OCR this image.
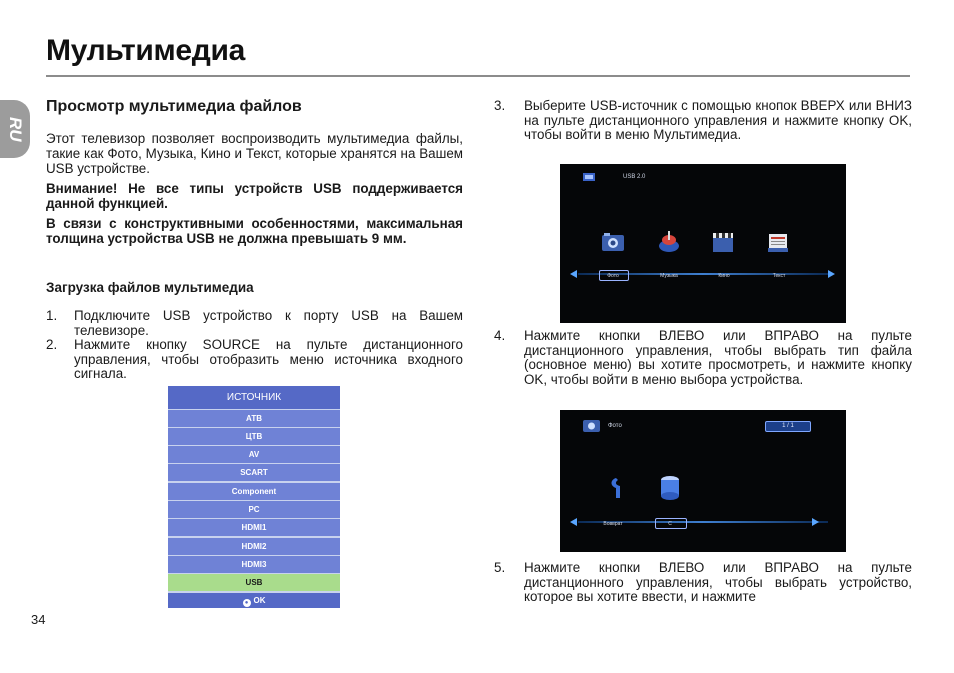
Мультимедиа
RU
Просмотр мультимедиа файлов
Этот телевизор позволяет воспроизводить мультимедиа файлы, такие как Фото, Музыка, Кино и Текст, которые хранятся на Вашем USB устройстве.
Внимание! Не все типы устройств USB поддерживается данной функцией.
В связи с конструктивными особенностями, максимальная толщина устройства USB не должна превышать 9 мм.
Загрузка файлов мультимедиа
1. Подключите USB устройство к порту USB на Вашем телевизоре.
2. Нажмите кнопку SOURCE на пульте дистанционного управления, чтобы отобразить меню источника входного сигнала.
ИСТОЧНИК
АТВ
ЦТВ
AV
SCART
Component
PC
HDMI1
HDMI2
HDMI3
USB
● OK
3. Выберите USB-источник с помощью кнопок ВВЕРХ или ВНИЗ на пульте дистанционного управления и нажмите кнопку OK, чтобы войти в меню Мультимедиа.
USB 2.0
Фото	Музыка	Кино	Текст
4. Нажмите кнопки ВЛЕВО или ВПРАВО на пульте дистанционного управления, чтобы выбрать тип файла (основное меню) вы хотите просмотреть, и нажмите кнопку OK, чтобы войти в меню выбора устройства.
Фото	1 / 1
Вовврат	C
5. Нажмите кнопки ВЛЕВО или ВПРАВО на пульте дистанционного управления, чтобы выбрать устройство, которое вы хотите ввести, и нажмите
34
